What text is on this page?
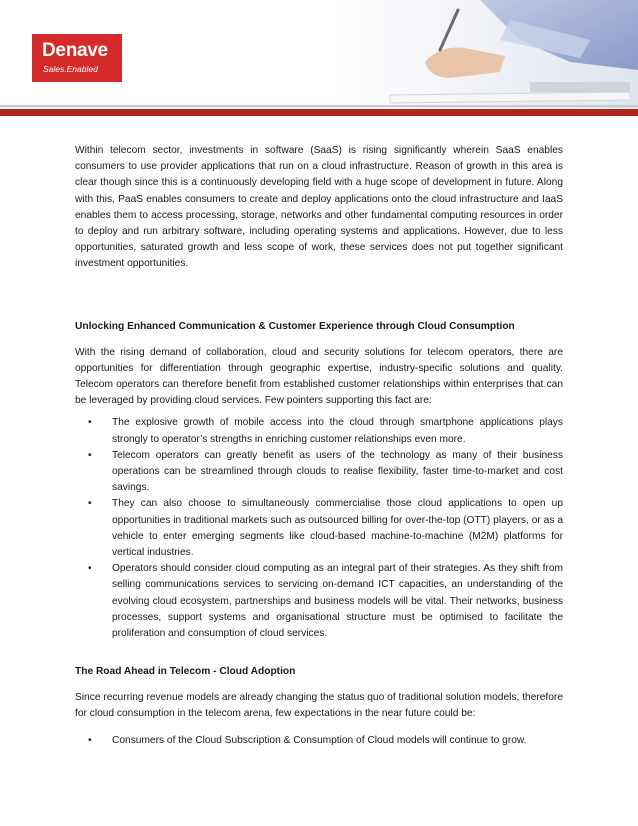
Denave
Sales.Enabled

Within telecom sector, investments in software (SaaS) is rising significantly wherein SaaS enables consumers to use provider applications that run on a cloud infrastructure. Reason of growth in this area is clear though since this is a continuously developing field with a huge scope of development in future. Along with this, PaaS enables consumers to create and deploy applications onto the cloud infrastructure and IaaS enables them to access processing, storage, networks and other fundamental computing resources in order to deploy and run arbitrary software, including operating systems and applications. However, due to less opportunities, saturated growth and less scope of work, these services does not put together significant investment opportunities.

Unlocking Enhanced Communication & Customer Experience through Cloud Consumption

With the rising demand of collaboration, cloud and security solutions for telecom operators, there are opportunities for differentiation through geographic expertise, industry-specific solutions and quality. Telecom operators can therefore benefit from established customer relationships within enterprises that can be leveraged by providing cloud services. Few pointers supporting this fact are:

• The explosive growth of mobile access into the cloud through smartphone applications plays strongly to operator’s strengths in enriching customer relationships even more.
• Telecom operators can greatly benefit as users of the technology as many of their business operations can be streamlined through clouds to realise flexibility, faster time-to-market and cost savings.
• They can also choose to simultaneously commercialise those cloud applications to open up opportunities in traditional markets such as outsourced billing for over-the-top (OTT) players, or as a vehicle to enter emerging segments like cloud-based machine-to-machine (M2M) platforms for vertical industries.
• Operators should consider cloud computing as an integral part of their strategies. As they shift from selling communications services to servicing on-demand ICT capacities, an understanding of the evolving cloud ecosystem, partnerships and business models will be vital. Their networks, business processes, support systems and organisational structure must be optimised to facilitate the proliferation and consumption of cloud services.

The Road Ahead in Telecom - Cloud Adoption

Since recurring revenue models are already changing the status quo of traditional solution models, therefore for cloud consumption in the telecom arena, few expectations in the near future could be:

• Consumers of the Cloud Subscription & Consumption of Cloud models will continue to grow.
